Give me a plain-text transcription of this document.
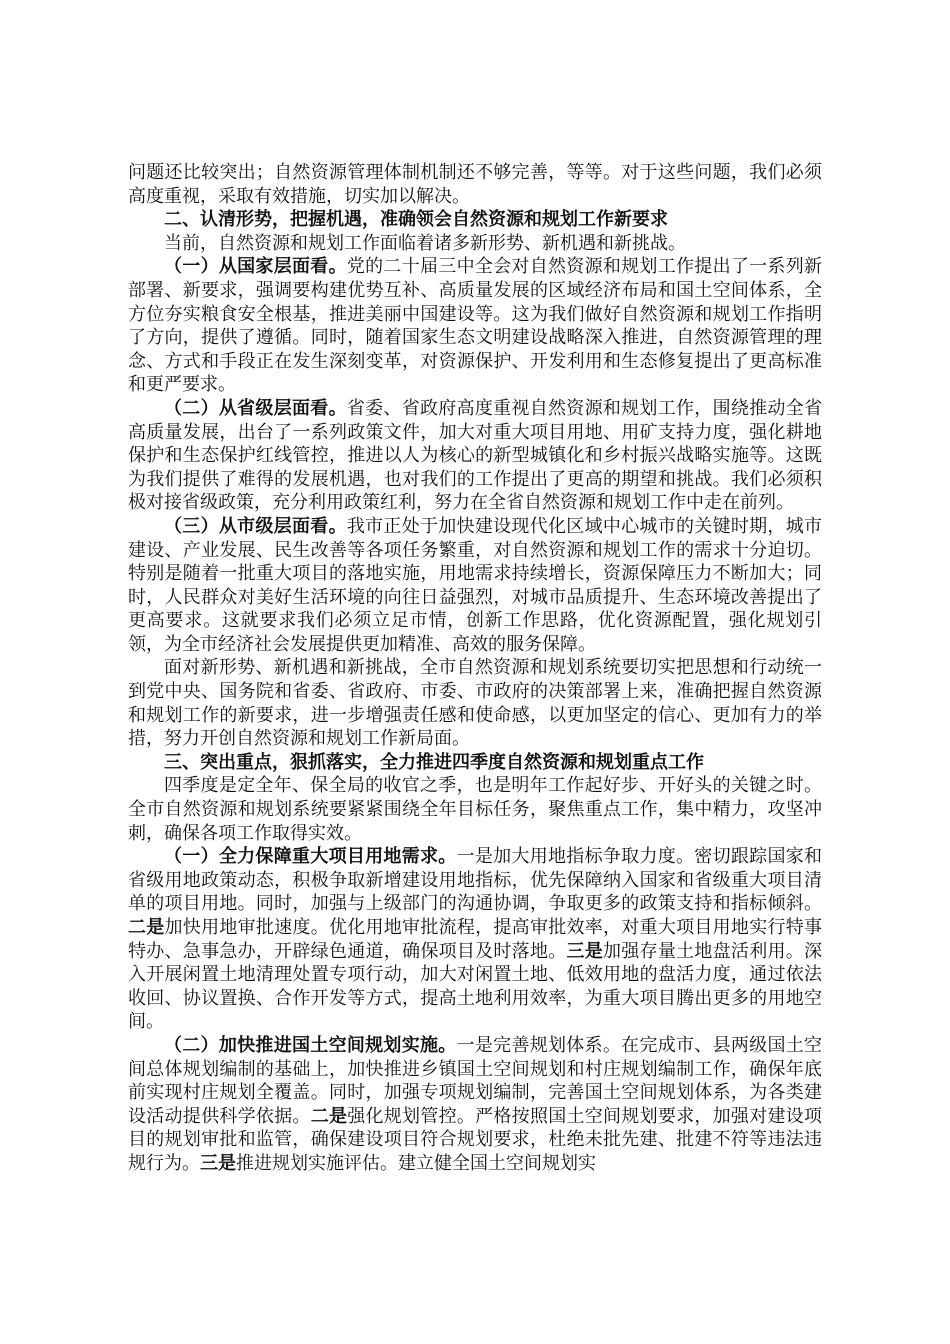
问题还比较突出；自然资源管理体制机制还不够完善，等等。对于这些问题，我们必须高度重视，采取有效措施，切实加以解决。

二、认清形势，把握机遇，准确领会自然资源和规划工作新要求

当前，自然资源和规划工作面临着诸多新形势、新机遇和新挑战。

（一）从国家层面看。党的二十届三中全会对自然资源和规划工作提出了一系列新部署、新要求，强调要构建优势互补、高质量发展的区域经济布局和国土空间体系，全方位夯实粮食安全根基，推进美丽中国建设等。这为我们做好自然资源和规划工作指明了方向，提供了遵循。同时，随着国家生态文明建设战略深入推进，自然资源管理的理念、方式和手段正在发生深刻变革，对资源保护、开发利用和生态修复提出了更高标准和更严要求。

（二）从省级层面看。省委、省政府高度重视自然资源和规划工作，围绕推动全省高质量发展，出台了一系列政策文件，加大对重大项目用地、用矿支持力度，强化耕地保护和生态保护红线管控，推进以人为核心的新型城镇化和乡村振兴战略实施等。这既为我们提供了难得的发展机遇，也对我们的工作提出了更高的期望和挑战。我们必须积极对接省级政策，充分利用政策红利，努力在全省自然资源和规划工作中走在前列。

（三）从市级层面看。我市正处于加快建设现代化区域中心城市的关键时期，城市建设、产业发展、民生改善等各项任务繁重，对自然资源和规划工作的需求十分迫切。特别是随着一批重大项目的落地实施，用地需求持续增长，资源保障压力不断加大；同时，人民群众对美好生活环境的向往日益强烈，对城市品质提升、生态环境改善提出了更高要求。这就要求我们必须立足市情，创新工作思路，优化资源配置，强化规划引领，为全市经济社会发展提供更加精准、高效的服务保障。

面对新形势、新机遇和新挑战，全市自然资源和规划系统要切实把思想和行动统一到党中央、国务院和省委、省政府、市委、市政府的决策部署上来，准确把握自然资源和规划工作的新要求，进一步增强责任感和使命感，以更加坚定的信心、更加有力的举措，努力开创自然资源和规划工作新局面。

三、突出重点，狠抓落实，全力推进四季度自然资源和规划重点工作

四季度是定全年、保全局的收官之季，也是明年工作起好步、开好头的关键之时。全市自然资源和规划系统要紧紧围绕全年目标任务，聚焦重点工作，集中精力，攻坚冲刺，确保各项工作取得实效。

（一）全力保障重大项目用地需求。一是加大用地指标争取力度。密切跟踪国家和省级用地政策动态，积极争取新增建设用地指标，优先保障纳入国家和省级重大项目清单的项目用地。同时，加强与上级部门的沟通协调，争取更多的政策支持和指标倾斜。二是加快用地审批速度。优化用地审批流程，提高审批效率，对重大项目用地实行特事特办、急事急办，开辟绿色通道，确保项目及时落地。三是加强存量土地盘活利用。深入开展闲置土地清理处置专项行动，加大对闲置土地、低效用地的盘活力度，通过依法收回、协议置换、合作开发等方式，提高土地利用效率，为重大项目腾出更多的用地空间。

（二）加快推进国土空间规划实施。一是完善规划体系。在完成市、县两级国土空间总体规划编制的基础上，加快推进乡镇国土空间规划和村庄规划编制工作，确保年底前实现村庄规划全覆盖。同时，加强专项规划编制，完善国土空间规划体系，为各类建设活动提供科学依据。二是强化规划管控。严格按照国土空间规划要求，加强对建设项目的规划审批和监管，确保建设项目符合规划要求，杜绝未批先建、批建不符等违法违规行为。三是推进规划实施评估。建立健全国土空间规划实
